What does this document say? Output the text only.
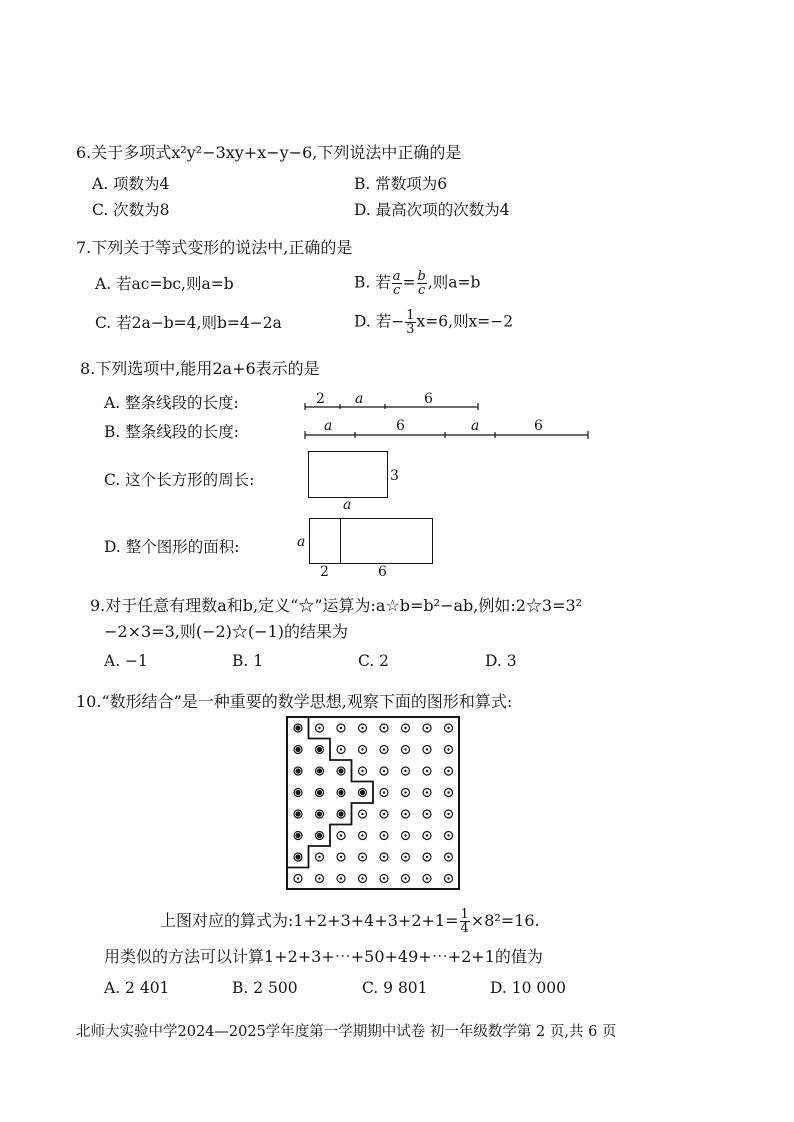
6.关于多项式x²y²−3xy+x−y−6,下列说法中正确的是
A. 项数为4	B. 常数项为6
C. 次数为8	D. 最高次项的次数为4
7.下列关于等式变形的说法中,正确的是
A. 若ac=bc,则a=b	B. 若 $\frac{a}{c} = \frac{b}{c}$ ,则a=b
C. 若2a−b=4,则b=4−2a	D. 若− $\frac{1}{3} x=6$,则x=−2
8.下列选项中,能用2a+6表示的是
A. 整条线段的长度:
B. 整条线段的长度:
C. 这个长方形的周长:
D. 整个图形的面积:
2 a	6
a	6	a	6
3
a
a
2	6
9.对于任意有理数a和b,定义“☆”运算为:a☆b=b²−ab,例如:2☆3=3²
−2×3=3,则(−2)☆(−1)的结果为
A. −1	B. 1	C. 2	D. 3
10.“数形结合”是一种重要的数学思想,观察下面的图形和算式:
上图对应的算式为:1+2+3+4+3+2+1= $\frac{1}{4} \times 8^2=16$.
用类似的方法可以计算1+2+3+⋯+50+49+⋯+2+1的值为
A. 2 401	B. 2 500	C. 9 801	D. 10 000
北师大实验中学2024—2025学年度第一学期期中试卷 初一年级数学第 2 页,共 6 页
